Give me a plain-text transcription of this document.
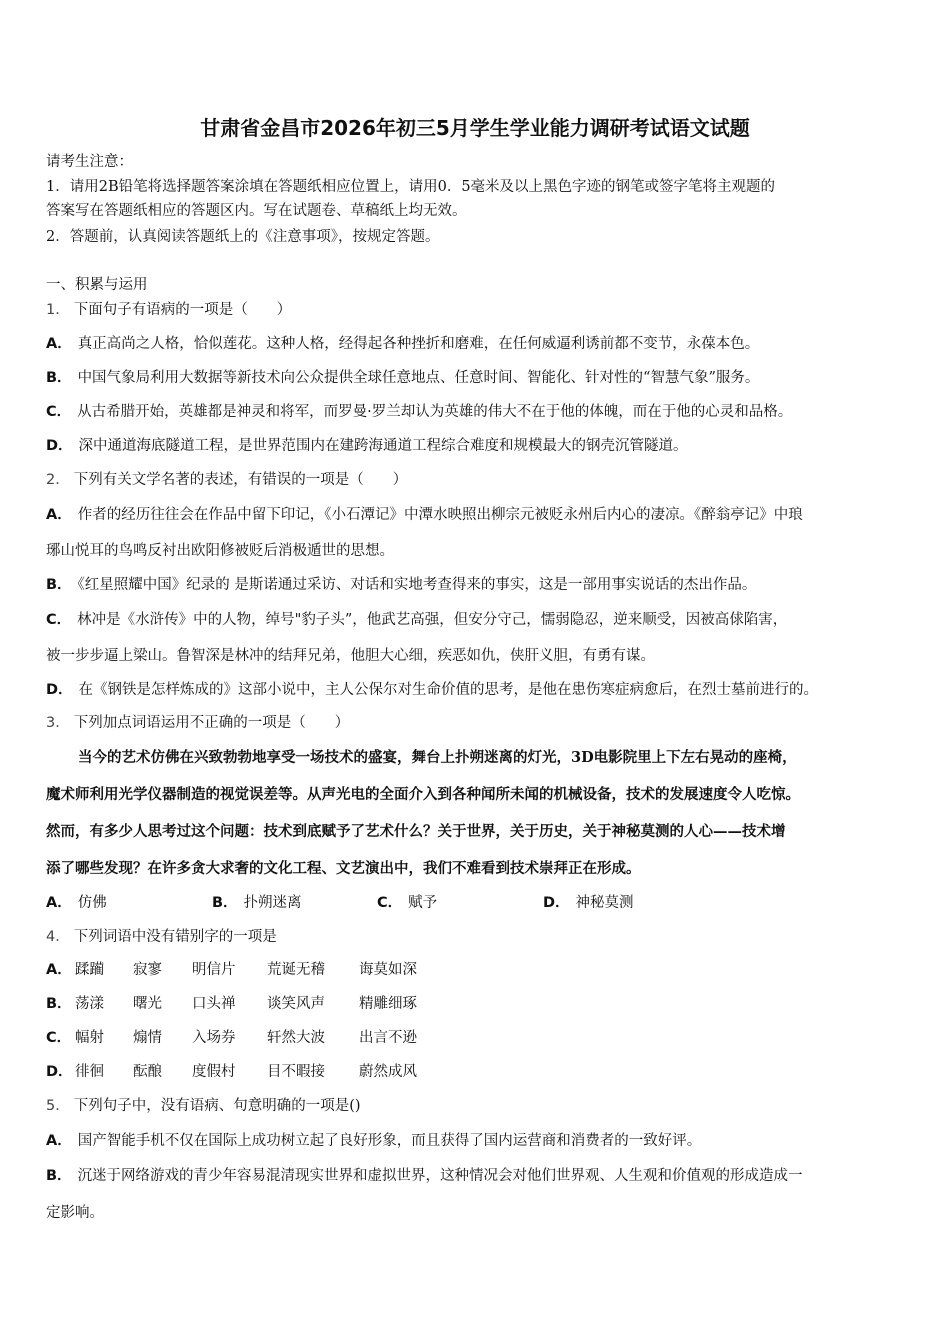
甘肃省金昌市2026年初三5月学生学业能力调研考试语文试题
请考生注意：
1．请用2B铅笔将选择题答案涂填在答题纸相应位置上，请用0．5毫米及以上黑色字迹的钢笔或签字笔将主观题的
答案写在答题纸相应的答题区内。写在试题卷、草稿纸上均无效。
2．答题前，认真阅读答题纸上的《注意事项》，按规定答题。
一、积累与运用
1． 下面句子有语病的一项是（　　）
A． 真正高尚之人格，恰似莲花。这种人格，经得起各种挫折和磨难，在任何威逼利诱前都不变节，永葆本色。
B． 中国气象局利用大数据等新技术向公众提供全球任意地点、任意时间、智能化、针对性的“智慧气象”服务。
C． 从古希腊开始，英雄都是神灵和将军，而罗曼·罗兰却认为英雄的伟大不在于他的体魄，而在于他的心灵和品格。
D． 深中通道海底隧道工程，是世界范围内在建跨海通道工程综合难度和规模最大的钢壳沉管隧道。
2． 下列有关文学名著的表述，有错误的一项是（　　）
A． 作者的经历往往会在作品中留下印记，《小石潭记》中潭水映照出柳宗元被贬永州后内心的凄凉。《醉翁亭记》中琅
琊山悦耳的鸟鸣反衬出欧阳修被贬后消极遁世的思想。
B． 《红星照耀中国》纪录的 是斯诺通过采访、对话和实地考查得来的事实，这是一部用事实说话的杰出作品。
C． 林冲是《水浒传》中的人物，绰号"豹子头”，他武艺高强，但安分守己，懦弱隐忍，逆来顺受，因被高俅陷害，
被一步步逼上梁山。鲁智深是林冲的结拜兄弟，他胆大心细，疾恶如仇，侠肝义胆，有勇有谋。
D． 在《钢铁是怎样炼成的》这部小说中，主人公保尔对生命价值的思考，是他在患伤寒症病愈后，在烈士墓前进行的。
3． 下列加点词语运用不正确的一项是（　　）
当今的艺术仿佛在兴致勃勃地享受一场技术的盛宴，舞台上扑朔迷离的灯光，3D电影院里上下左右晃动的座椅，
魔术师利用光学仪器制造的视觉误差等。从声光电的全面介入到各种闻所未闻的机械设备，技术的发展速度令人吃惊。
然而，有多少人思考过这个问题：技术到底赋予了艺术什么？关于世界，关于历史，关于神秘莫测的人心——技术增
添了哪些发现？在许多贪大求奢的文化工程、文艺演出中，我们不难看到技术崇拜正在形成。
A． 仿佛	B． 扑朔迷离	C． 赋予	D． 神秘莫测
4． 下列词语中没有错别字的一项是
A． 蹂躏 寂寥 明信片 荒诞无稽 诲莫如深
B． 荡漾 曙光 口头禅 谈笑风声 精雕细琢
C． 幅射 煽情 入场券 轩然大波 出言不逊
D． 徘徊 酝酿 度假村 目不暇接 蔚然成风
5． 下列句子中，没有语病、句意明确的一项是()
A． 国产智能手机不仅在国际上成功树立起了良好形象，而且获得了国内运营商和消费者的一致好评。
B． 沉迷于网络游戏的青少年容易混清现实世界和虚拟世界，这种情况会对他们世界观、人生观和价值观的形成造成一
定影响。
